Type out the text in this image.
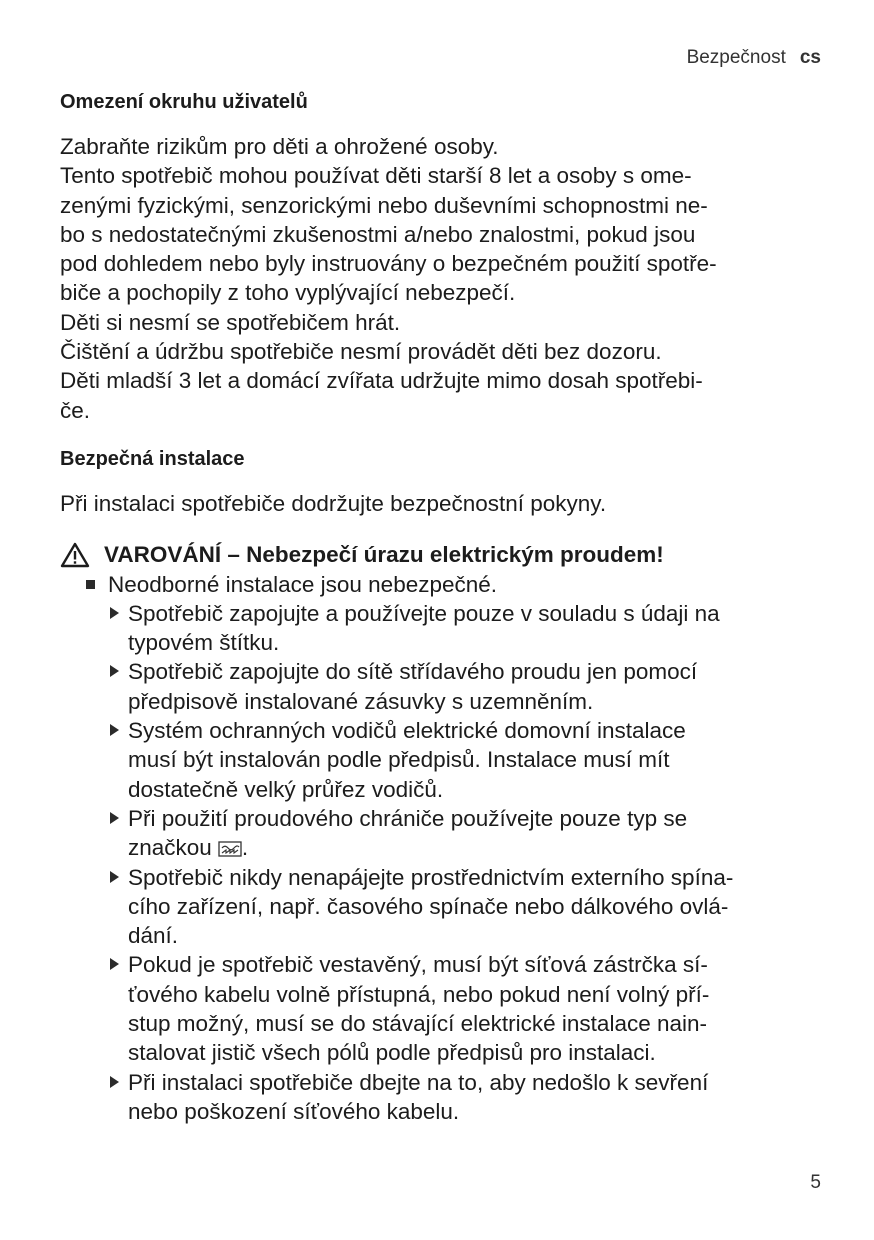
Bezpečnost cs
Omezení okruhu uživatelů

Zabraňte rizikům pro děti a ohrožené osoby.

Tento spotřebič mohou používat děti starší 8 let a osoby s ome-

zenými fyzickými, senzorickými nebo duševními schopnostmi ne-

bo s nedostatečnými zkušenostmi a/nebo znalostmi, pokud jsou

pod dohledem nebo byly instruovány o bezpečném použití spotře-

biče a pochopily z toho vyplývající nebezpečí.

Děti si nesmí se spotřebičem hrát.

Čištění a údržbu spotřebiče nesmí provádět děti bez dozoru.

Děti mladší 3 let a domácí zvířata udržujte mimo dosah spotřebi-

če.

Bezpečná instalace

Při instalaci spotřebiče dodržujte bezpečnostní pokyny.

VAROVÁNÍ – Nebezpečí úrazu elektrickým proudem!
Neodborné instalace jsou nebezpečné.

Spotřebič zapojujte a používejte pouze v souladu s údaji na

typovém štítku.

Spotřebič zapojujte do sítě střídavého proudu jen pomocí

předpisově instalované zásuvky s uzemněním.

Systém ochranných vodičů elektrické domovní instalace

musí být instalován podle předpisů. Instalace musí mít

dostatečně velký průřez vodičů.

Při použití proudového chrániče používejte pouze typ se

značkou .

Spotřebič nikdy nenapájejte prostřednictvím externího spína-

cího zařízení, např. časového spínače nebo dálkového ovlá-

dání.

Pokud je spotřebič vestavěný, musí být síťová zástrčka sí-

ťového kabelu volně přístupná, nebo pokud není volný pří-

stup možný, musí se do stávající elektrické instalace nain-

stalovat jistič všech pólů podle předpisů pro instalaci.

Při instalaci spotřebiče dbejte na to, aby nedošlo k sevření

nebo poškození síťového kabelu.

5
